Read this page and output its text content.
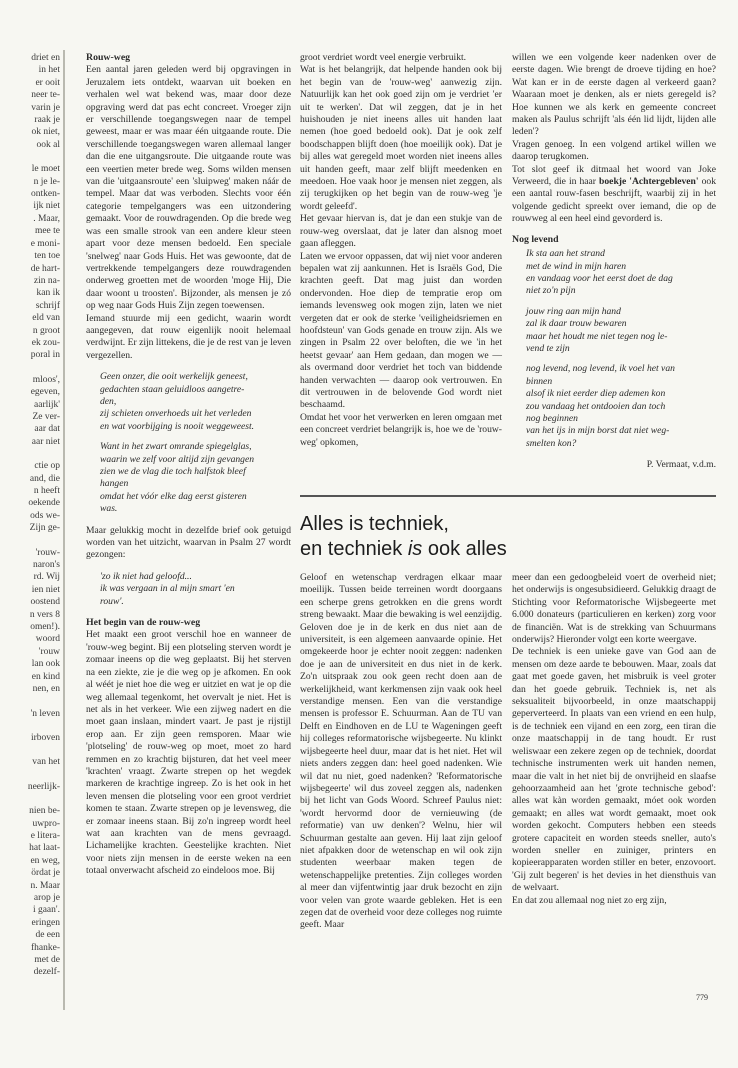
driet en
in het
er ooit
neer te-
varin je
raak je
ok niet,
ook al
le moet
n je le-
ontken-
ijk niet
. Maar,
mee te
e moni-
ten toe
de hart-
zin na-
kan ik
schrijf
eld van
n groot
ek zou-
poral in
mloos',
egeven,
aarlijk'
Ze ver-
aar dat
aar niet
ctie op
and, die
n heeft
oekende
ods we-
Zijn ge-
'rouw-
naron's
rd. Wij
ien niet
oostend
n vers 8
omen!).
woord
'rouw
lan ook
en kind
nen, en
'n leven
irboven
van het
neerlijk-
nien be-
uwpro-
e litera-
hat laat-
en weg,
ördat je
n. Maar
arop je
i gaan'.
eringen
de een
fhanke-
met de
dezelf-
Rouw-weg

Een aantal jaren geleden werd bij opgravingen in Jeruzalem iets ontdekt, waarvan uit boeken en verhalen wel wat bekend was, maar door deze opgraving werd dat pas echt concreet. Vroeger zijn er verschillende toegangswegen naar de tempel geweest, maar er was maar één uitgaande route. Die verschillende toegangswegen waren allemaal langer dan die ene uitgangsroute. Die uitgaande route was een veertien meter brede weg. Soms wilden mensen van die 'uitgaansroute' een 'sluipweg' maken náár de tempel. Maar dat was verboden. Slechts voor één categorie tempelgangers was een uitzondering gemaakt. Voor de rouwdragenden. Op die brede weg was een smalle strook van een andere kleur steen apart voor deze mensen bedoeld. Een speciale 'snelweg' naar Gods Huis. Het was gewoonte, dat de vertrekkende tempelgangers deze rouwdragenden onderweg groetten met de woorden 'moge Hij, Die daar woont u troosten'. Bijzonder, als mensen je zó op weg naar Gods Huis Zijn zegen toewensen.

Iemand stuurde mij een gedicht, waarin wordt aangegeven, dat rouw eigenlijk nooit helemaal verdwijnt. Er zijn littekens, die je de rest van je leven vergezellen.

Geen onzer, die ooit werkelijk geneest,
gedachten staan geluidloos aangetre-
den,
zij schieten onverhoeds uit het verleden
en wat voorbijging is nooit weggeweest.
Want in het zwart omrande spiegelglas,
waarin we zelf voor altijd zijn gevangen
zien we de vlag die toch halfstok bleef
hangen
omdat het vóór elke dag eerst gisteren
was.

Maar gelukkig mocht in dezelfde brief ook getuigd worden van het uitzicht, waarvan in Psalm 27 wordt gezongen:

'zo ik niet had geloofd...
ik was vergaan in al mijn smart 'en
rouw'.
Het begin van de rouw-weg

Het maakt een groot verschil hoe en wanneer de 'rouw-weg begint. Bij een plotseling sterven wordt je zomaar ineens op die weg geplaatst. Bij het sterven na een ziekte, zie je die weg op je afkomen. En ook al wéét je niet hoe die weg er uitziet en wat je op die weg allemaal tegenkomt, het overvalt je niet. Het is net als in het verkeer. Wie een zijweg nadert en die moet gaan inslaan, mindert vaart. Je past je rijstijl erop aan. Er zijn geen remsporen. Maar wie 'plotseling' de rouw-weg op moet, moet zo hard remmen en zo krachtig bijsturen, dat het veel meer 'krachten' vraagt. Zwarte strepen op het wegdek markeren de krachtige ingreep. Zo is het ook in het leven mensen die plotseling voor een groot verdriet komen te staan. Zwarte strepen op je levensweg, die er zomaar ineens staan. Bij zo'n ingreep wordt heel wat aan krachten van de mens gevraagd. Lichamelijke krachten. Geestelijke krachten. Niet voor niets zijn mensen in de eerste weken na een totaal onverwacht afscheid zo eindeloos moe. Bij

groot verdriet wordt veel energie verbruikt.

Wat is het belangrijk, dat helpende handen ook bij het begin van de 'rouw-weg' aanwezig zijn. Natuurlijk kan het ook goed zijn om je verdriet 'er uit te werken'. Dat wil zeggen, dat je in het huishouden je niet ineens alles uit handen laat nemen (hoe goed bedoeld ook). Dat je ook zelf boodschappen blijft doen (hoe moeilijk ook). Dat je bij alles wat geregeld moet worden niet ineens alles uit handen geeft, maar zelf blijft meedenken en meedoen. Hoe vaak hoor je mensen niet zeggen, als zij terugkijken op het begin van de rouw-weg 'je wordt geleefd'.

Het gevaar hiervan is, dat je dan een stukje van de rouw-weg overslaat, dat je later dan alsnog moet gaan afleggen.

Laten we ervoor oppassen, dat wij niet voor anderen bepalen wat zij aankunnen. Het is Israëls God, Die krachten geeft. Dat mag juist dan worden ondervonden. Hoe diep de tempratie erop om iemands levensweg ook mogen zijn, laten we niet vergeten dat er ook de sterke 'veiligheidsriemen en hoofdsteun' van Gods genade en trouw zijn. Als we zingen in Psalm 22 over beloften, die we 'in het heetst gevaar' aan Hem gedaan, dan mogen we — als overmand door verdriet het toch van biddende handen verwachten — daarop ook vertrouwen. En dit vertrouwen in de belovende God wordt niet beschaamd.

Omdat het voor het verwerken en leren omgaan met een concreet verdriet belangrijk is, hoe we de 'rouw-weg' opkomen,

willen we een volgende keer nadenken over de eerste dagen. Wie brengt de droeve tijding en hoe? Wat kan er in de eerste dagen al verkeerd gaan? Waaraan moet je denken, als er niets geregeld is? Hoe kunnen we als kerk en gemeente concreet maken als Paulus schrijft 'als één lid lijdt, lijden alle leden'?

Vragen genoeg. In een volgend artikel willen we daarop terugkomen.

Tot slot geef ik ditmaal het woord van Joke Verweerd, die in haar boekje 'Achtergebleven' ook een aantal rouw-fasen beschrijft, waarbij zij in het volgende gedicht spreekt over iemand, die op de rouwweg al een heel eind gevorderd is.

Nog levend
Ik sta aan het strand
met de wind in mijn haren
en vandaag voor het eerst doet de dag
niet zo'n pijn
jouw ring aan mijn hand
zal ik daar trouw bewaren
maar het houdt me niet tegen nog le-
vend te zijn
nog levend, nog levend, ik voel het van
binnen
alsof ik niet eerder diep ademen kon
zou vandaag het ontdooien dan toch
nog beginnen
van het ijs in mijn borst dat niet weg-
smelten kon?
P. Vermaat, v.d.m.
Alles is techniek,
en techniek is ook alles

Geloof en wetenschap verdragen elkaar maar moeilijk. Tussen beide terreinen wordt doorgaans een scherpe grens getrokken en die grens wordt streng bewaakt. Maar die bewaking is wel eenzijdig. Geloven doe je in de kerk en dus niet aan de universiteit, is een algemeen aanvaarde opinie. Het omgekeerde hoor je echter nooit zeggen: nadenken doe je aan de universiteit en dus niet in de kerk. Zo'n uitspraak zou ook geen recht doen aan de werkelijkheid, want kerkmensen zijn vaak ook heel verstandige mensen. Een van die verstandige mensen is professor E. Schuurman. Aan de TU van Delft en Eindhoven en de LU te Wageningen geeft hij colleges reformatorische wijsbegeerte. Nu klinkt wijsbegeerte heel duur, maar dat is het niet. Het wil niets anders zeggen dan: heel goed nadenken. Wie wil dat nu niet, goed nadenken? 'Reformatorische wijsbegeerte' wil dus zoveel zeggen als, nadenken bij het licht van Gods Woord. Schreef Paulus niet: 'wordt hervormd door de vernieuwing (de reformatie) van uw denken'? Welnu, hier wil Schuurman gestalte aan geven. Hij laat zijn geloof niet afpakken door de wetenschap en wil ook zijn studenten weerbaar maken tegen de wetenschappelijke pretenties. Zijn colleges worden al meer dan vijfentwintig jaar druk bezocht en zijn voor velen van grote waarde gebleken. Het is een zegen dat de overheid voor deze colleges nog ruimte geeft. Maar

meer dan een gedoogbeleid voert de overheid niet; het onderwijs is ongesubsidieerd. Gelukkig draagt de Stichting voor Reformatorische Wijsbegeerte met 6.000 donateurs (particulieren en kerken) zorg voor de financiën. Wat is de strekking van Schuurmans onderwijs? Hieronder volgt een korte weergave.

De techniek is een unieke gave van God aan de mensen om deze aarde te bebouwen. Maar, zoals dat gaat met goede gaven, het misbruik is veel groter dan het goede gebruik. Techniek is, net als seksualiteit bijvoorbeeld, in onze maatschappij geperverteerd. In plaats van een vriend en een hulp, is de techniek een vijand en een zorg, een tiran die onze maatschappij in de tang houdt. Er rust weliswaar een zekere zegen op de techniek, doordat technische instrumenten werk uit handen nemen, maar die valt in het niet bij de onvrijheid en slaafse gehoorzaamheid aan het 'grote technische gebod': alles wat kàn worden gemaakt, móet ook worden gemaakt; en alles wat wordt gemaakt, moet ook worden gekocht. Computers hebben een steeds grotere capaciteit en worden steeds sneller, auto's worden sneller en zuiniger, printers en kopieerapparaten worden stiller en beter, enzovoort. 'Gij zult begeren' is het devies in het diensthuis van de welvaart.

En dat zou allemaal nog niet zo erg zijn,

779
